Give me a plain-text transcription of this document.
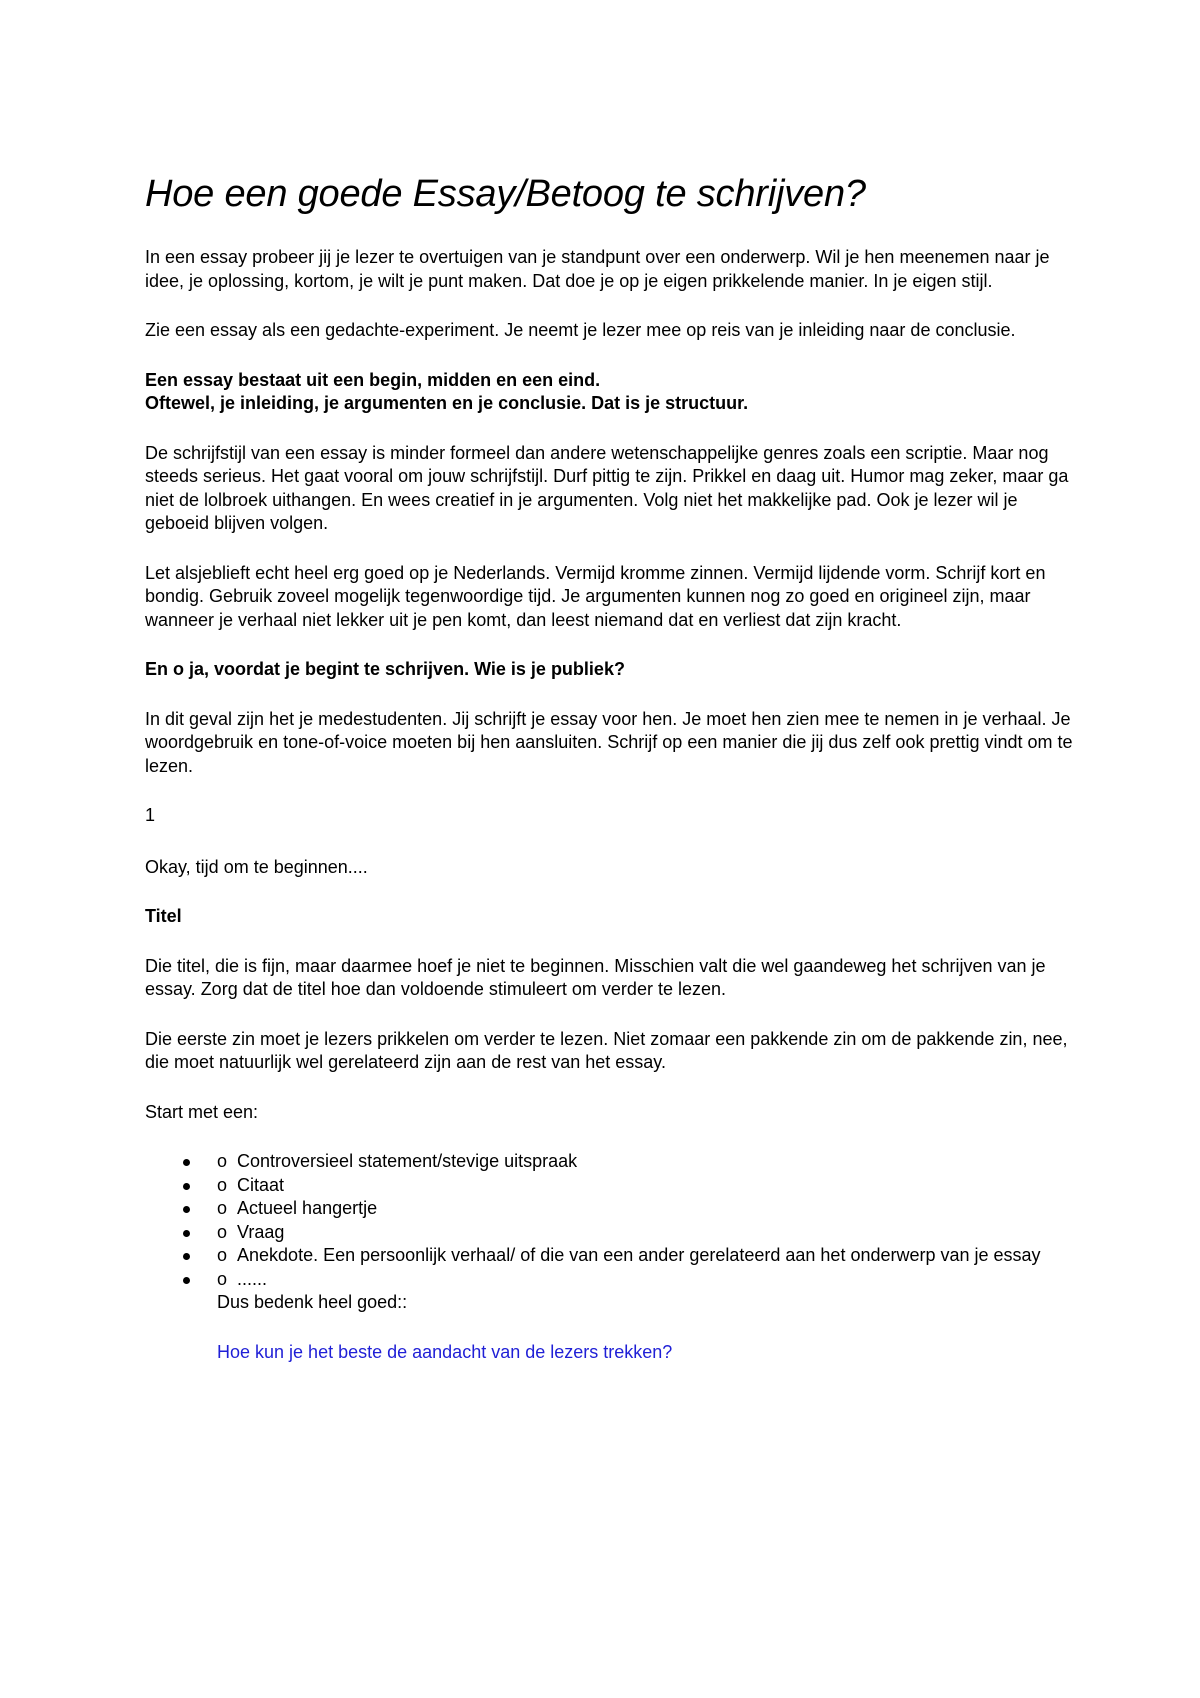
Hoe een goede Essay/Betoog te schrijven?

In een essay probeer jij je lezer te overtuigen van je standpunt over een onderwerp. Wil je hen meenemen naar je idee, je oplossing, kortom, je wilt je punt maken. Dat doe je op je eigen prikkelende manier. In je eigen stijl.

Zie een essay als een gedachte-experiment. Je neemt je lezer mee op reis van je inleiding naar de conclusie.

Een essay bestaat uit een begin, midden en een eind.
Oftewel, je inleiding, je argumenten en je conclusie. Dat is je structuur.

De schrijfstijl van een essay is minder formeel dan andere wetenschappelijke genres zoals een scriptie. Maar nog steeds serieus. Het gaat vooral om jouw schrijfstijl. Durf pittig te zijn. Prikkel en daag uit. Humor mag zeker, maar ga niet de lolbroek uithangen. En wees creatief in je argumenten. Volg niet het makkelijke pad. Ook je lezer wil je geboeid blijven volgen.

Let alsjeblieft echt heel erg goed op je Nederlands. Vermijd kromme zinnen. Vermijd lijdende vorm. Schrijf kort en bondig. Gebruik zoveel mogelijk tegenwoordige tijd. Je argumenten kunnen nog zo goed en origineel zijn, maar wanneer je verhaal niet lekker uit je pen komt, dan leest niemand dat en verliest dat zijn kracht.

En o ja, voordat je begint te schrijven. Wie is je publiek?

In dit geval zijn het je medestudenten. Jij schrijft je essay voor hen. Je moet hen zien mee te nemen in je verhaal. Je woordgebruik en tone-of-voice moeten bij hen aansluiten. Schrijf op een manier die jij dus zelf ook prettig vindt om te lezen.

1

Okay, tijd om te beginnen....

Titel

Die titel, die is fijn, maar daarmee hoef je niet te beginnen. Misschien valt die wel gaandeweg het schrijven van je essay. Zorg dat de titel hoe dan voldoende stimuleert om verder te lezen.

Die eerste zin moet je lezers prikkelen om verder te lezen. Niet zomaar een pakkende zin om de pakkende zin, nee, die moet natuurlijk wel gerelateerd zijn aan de rest van het essay.

Start met een:

o Controversieel statement/stevige uitspraak
o Citaat
o Actueel hangertje
o Vraag
o Anekdote. Een persoonlijk verhaal/ of die van een ander gerelateerd aan het onderwerp van je essay
o ......
Dus bedenk heel goed::
Hoe kun je het beste de aandacht van de lezers trekken?
